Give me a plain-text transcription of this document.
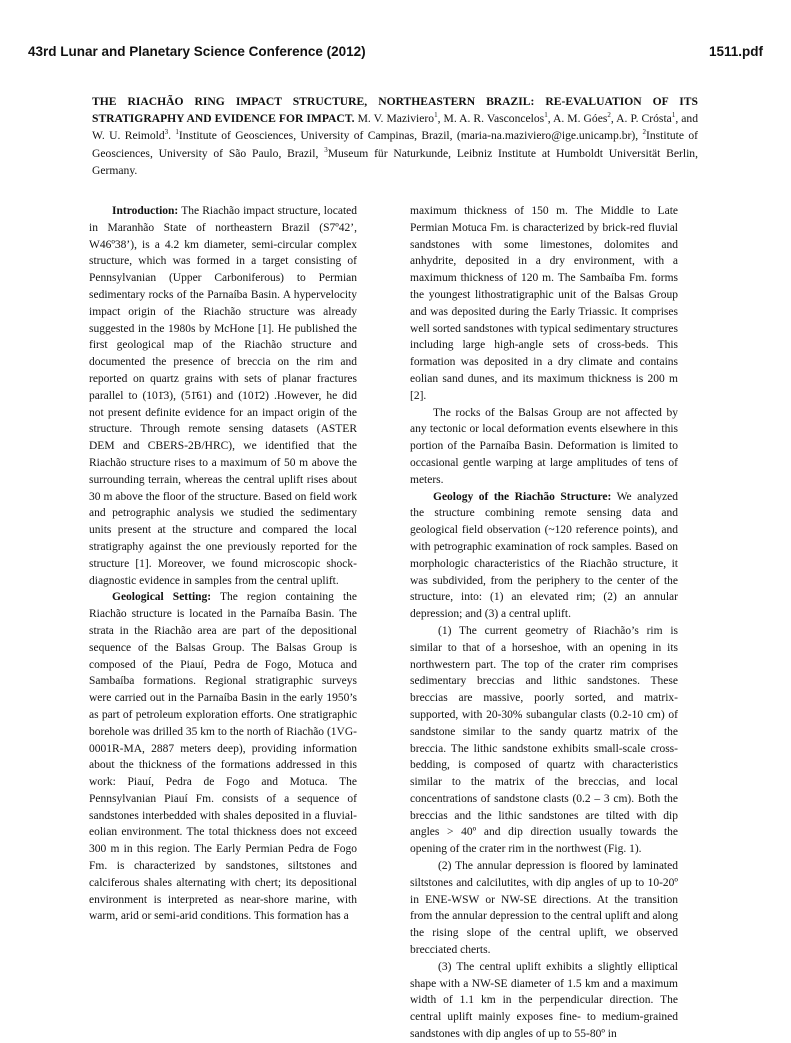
43rd Lunar and Planetary Science Conference (2012)	1511.pdf
THE RIACHÃO RING IMPACT STRUCTURE, NORTHEASTERN BRAZIL: RE-EVALUATION OF ITS STRATIGRAPHY AND EVIDENCE FOR IMPACT. M. V. Maziviero$^1$, M. A. R. Vasconcelos$^1$, A. M. Góes$^2$, A. P. Crósta$^1$, and W. U. Reimold$^3$. $^1$Institute of Geosciences, University of Campinas, Brazil, (maria-na.maziviero@ige.unicamp.br), $^2$Institute of Geosciences, University of São Paulo, Brazil, $^3$Museum für Naturkunde, Leibniz Institute at Humboldt Universität Berlin, Germany.

Introduction: The Riachão impact structure, located in Maranhão State of northeastern Brazil (S7º42’, W46º38’), is a 4.2 km diameter, semi-circular complex structure, which was formed in a target consisting of Pennsylvanian (Upper Carboniferous) to Permian sedimentary rocks of the Parnaíba Basin. A hypervelocity impact origin of the Riachão structure was already suggested in the 1980s by McHone [1]. He published the first geological map of the Riachão structure and documented the presence of breccia on the rim and reported on quartz grains with sets of planar fractures parallel to (101̄3), (51̄61) and (101̄2) .However, he did not present definite evidence for an impact origin of the structure. Through remote sensing datasets (ASTER DEM and CBERS-2B/HRC), we identified that the Riachão structure rises to a maximum of 50 m above the surrounding terrain, whereas the central uplift rises about 30 m above the floor of the structure. Based on field work and petrographic analysis we studied the sedimentary units present at the structure and compared the local stratigraphy against the one previously reported for the structure [1]. Moreover, we found microscopic shock-diagnostic evidence in samples from the central uplift.

Geological Setting: The region containing the Riachão structure is located in the Parnaíba Basin. The strata in the Riachão area are part of the depositional sequence of the Balsas Group. The Balsas Group is composed of the Piauí, Pedra de Fogo, Motuca and Sambaíba formations. Regional stratigraphic surveys were carried out in the Parnaíba Basin in the early 1950’s as part of petroleum exploration efforts. One stratigraphic borehole was drilled 35 km to the north of Riachão (1VG-0001R-MA, 2887 meters deep), providing information about the thickness of the formations addressed in this work: Piauí, Pedra de Fogo and Motuca. The Pennsylvanian Piauí Fm. consists of a sequence of sandstones interbedded with shales deposited in a fluvial-eolian environment. The total thickness does not exceed 300 m in this region. The Early Permian Pedra de Fogo Fm. is characterized by sandstones, siltstones and calciferous shales alternating with chert; its depositional environment is interpreted as near-shore marine, with warm, arid or semi-arid conditions. This formation has a

maximum thickness of 150 m. The Middle to Late Permian Motuca Fm. is characterized by brick-red fluvial sandstones with some limestones, dolomites and anhydrite, deposited in a dry environment, with a maximum thickness of 120 m. The Sambaíba Fm. forms the youngest lithostratigraphic unit of the Balsas Group and was deposited during the Early Triassic. It comprises well sorted sandstones with typical sedimentary structures including large high-angle sets of cross-beds. This formation was deposited in a dry climate and contains eolian sand dunes, and its maximum thickness is 200 m [2].

The rocks of the Balsas Group are not affected by any tectonic or local deformation events elsewhere in this portion of the Parnaíba Basin. Deformation is limited to occasional gentle warping at large amplitudes of tens of meters.

Geology of the Riachão Structure: We analyzed the structure combining remote sensing data and geological field observation (~120 reference points), and with petrographic examination of rock samples. Based on morphologic characteristics of the Riachão structure, it was subdivided, from the periphery to the center of the structure, into: (1) an elevated rim; (2) an annular depression; and (3) a central uplift.

(1) The current geometry of Riachão’s rim is similar to that of a horseshoe, with an opening in its northwestern part. The top of the crater rim comprises sedimentary breccias and lithic sandstones. These breccias are massive, poorly sorted, and matrix-supported, with 20-30% subangular clasts (0.2-10 cm) of sandstone similar to the sandy quartz matrix of the breccia. The lithic sandstone exhibits small-scale cross-bedding, is composed of quartz with characteristics similar to the matrix of the breccias, and local concentrations of sandstone clasts (0.2 – 3 cm). Both the breccias and the lithic sandstones are tilted with dip angles > 40º and dip direction usually towards the opening of the crater rim in the northwest (Fig. 1).

(2) The annular depression is floored by laminated siltstones and calcilutites, with dip angles of up to 10-20º in ENE-WSW or NW-SE directions. At the transition from the annular depression to the central uplift and along the rising slope of the central uplift, we observed brecciated cherts.

(3) The central uplift exhibits a slightly elliptical shape with a NW-SE diameter of 1.5 km and a maximum width of 1.1 km in the perpendicular direction. The central uplift mainly exposes fine- to medium-grained sandstones with dip angles of up to 55-80º in
